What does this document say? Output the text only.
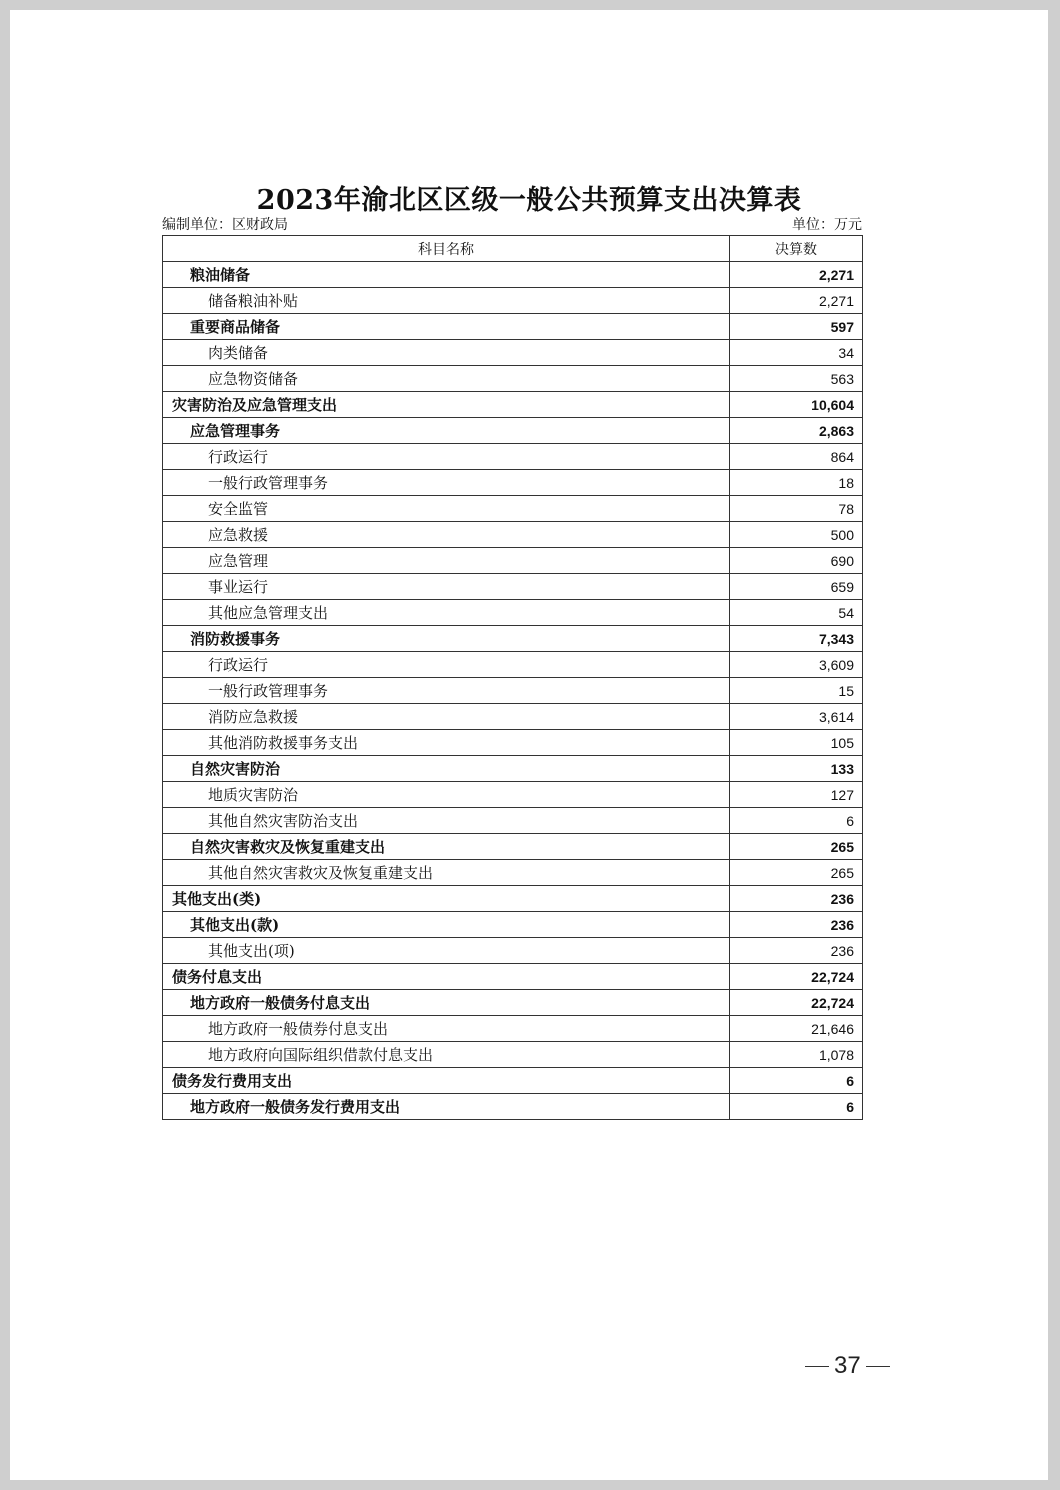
2023年渝北区区级一般公共预算支出决算表
编制单位：区财政局	单位：万元
科目名称	决算数
粮油储备	2,271
储备粮油补贴	2,271
重要商品储备	597
肉类储备	34
应急物资储备	563
灾害防治及应急管理支出	10,604
应急管理事务	2,863
行政运行	864
一般行政管理事务	18
安全监管	78
应急救援	500
应急管理	690
事业运行	659
其他应急管理支出	54
消防救援事务	7,343
行政运行	3,609
一般行政管理事务	15
消防应急救援	3,614
其他消防救援事务支出	105
自然灾害防治	133
地质灾害防治	127
其他自然灾害防治支出	6
自然灾害救灾及恢复重建支出	265
其他自然灾害救灾及恢复重建支出	265
其他支出(类)	236
其他支出(款)	236
其他支出(项)	236
债务付息支出	22,724
地方政府一般债务付息支出	22,724
地方政府一般债券付息支出	21,646
地方政府向国际组织借款付息支出	1,078
债务发行费用支出	6
地方政府一般债务发行费用支出	6
37
